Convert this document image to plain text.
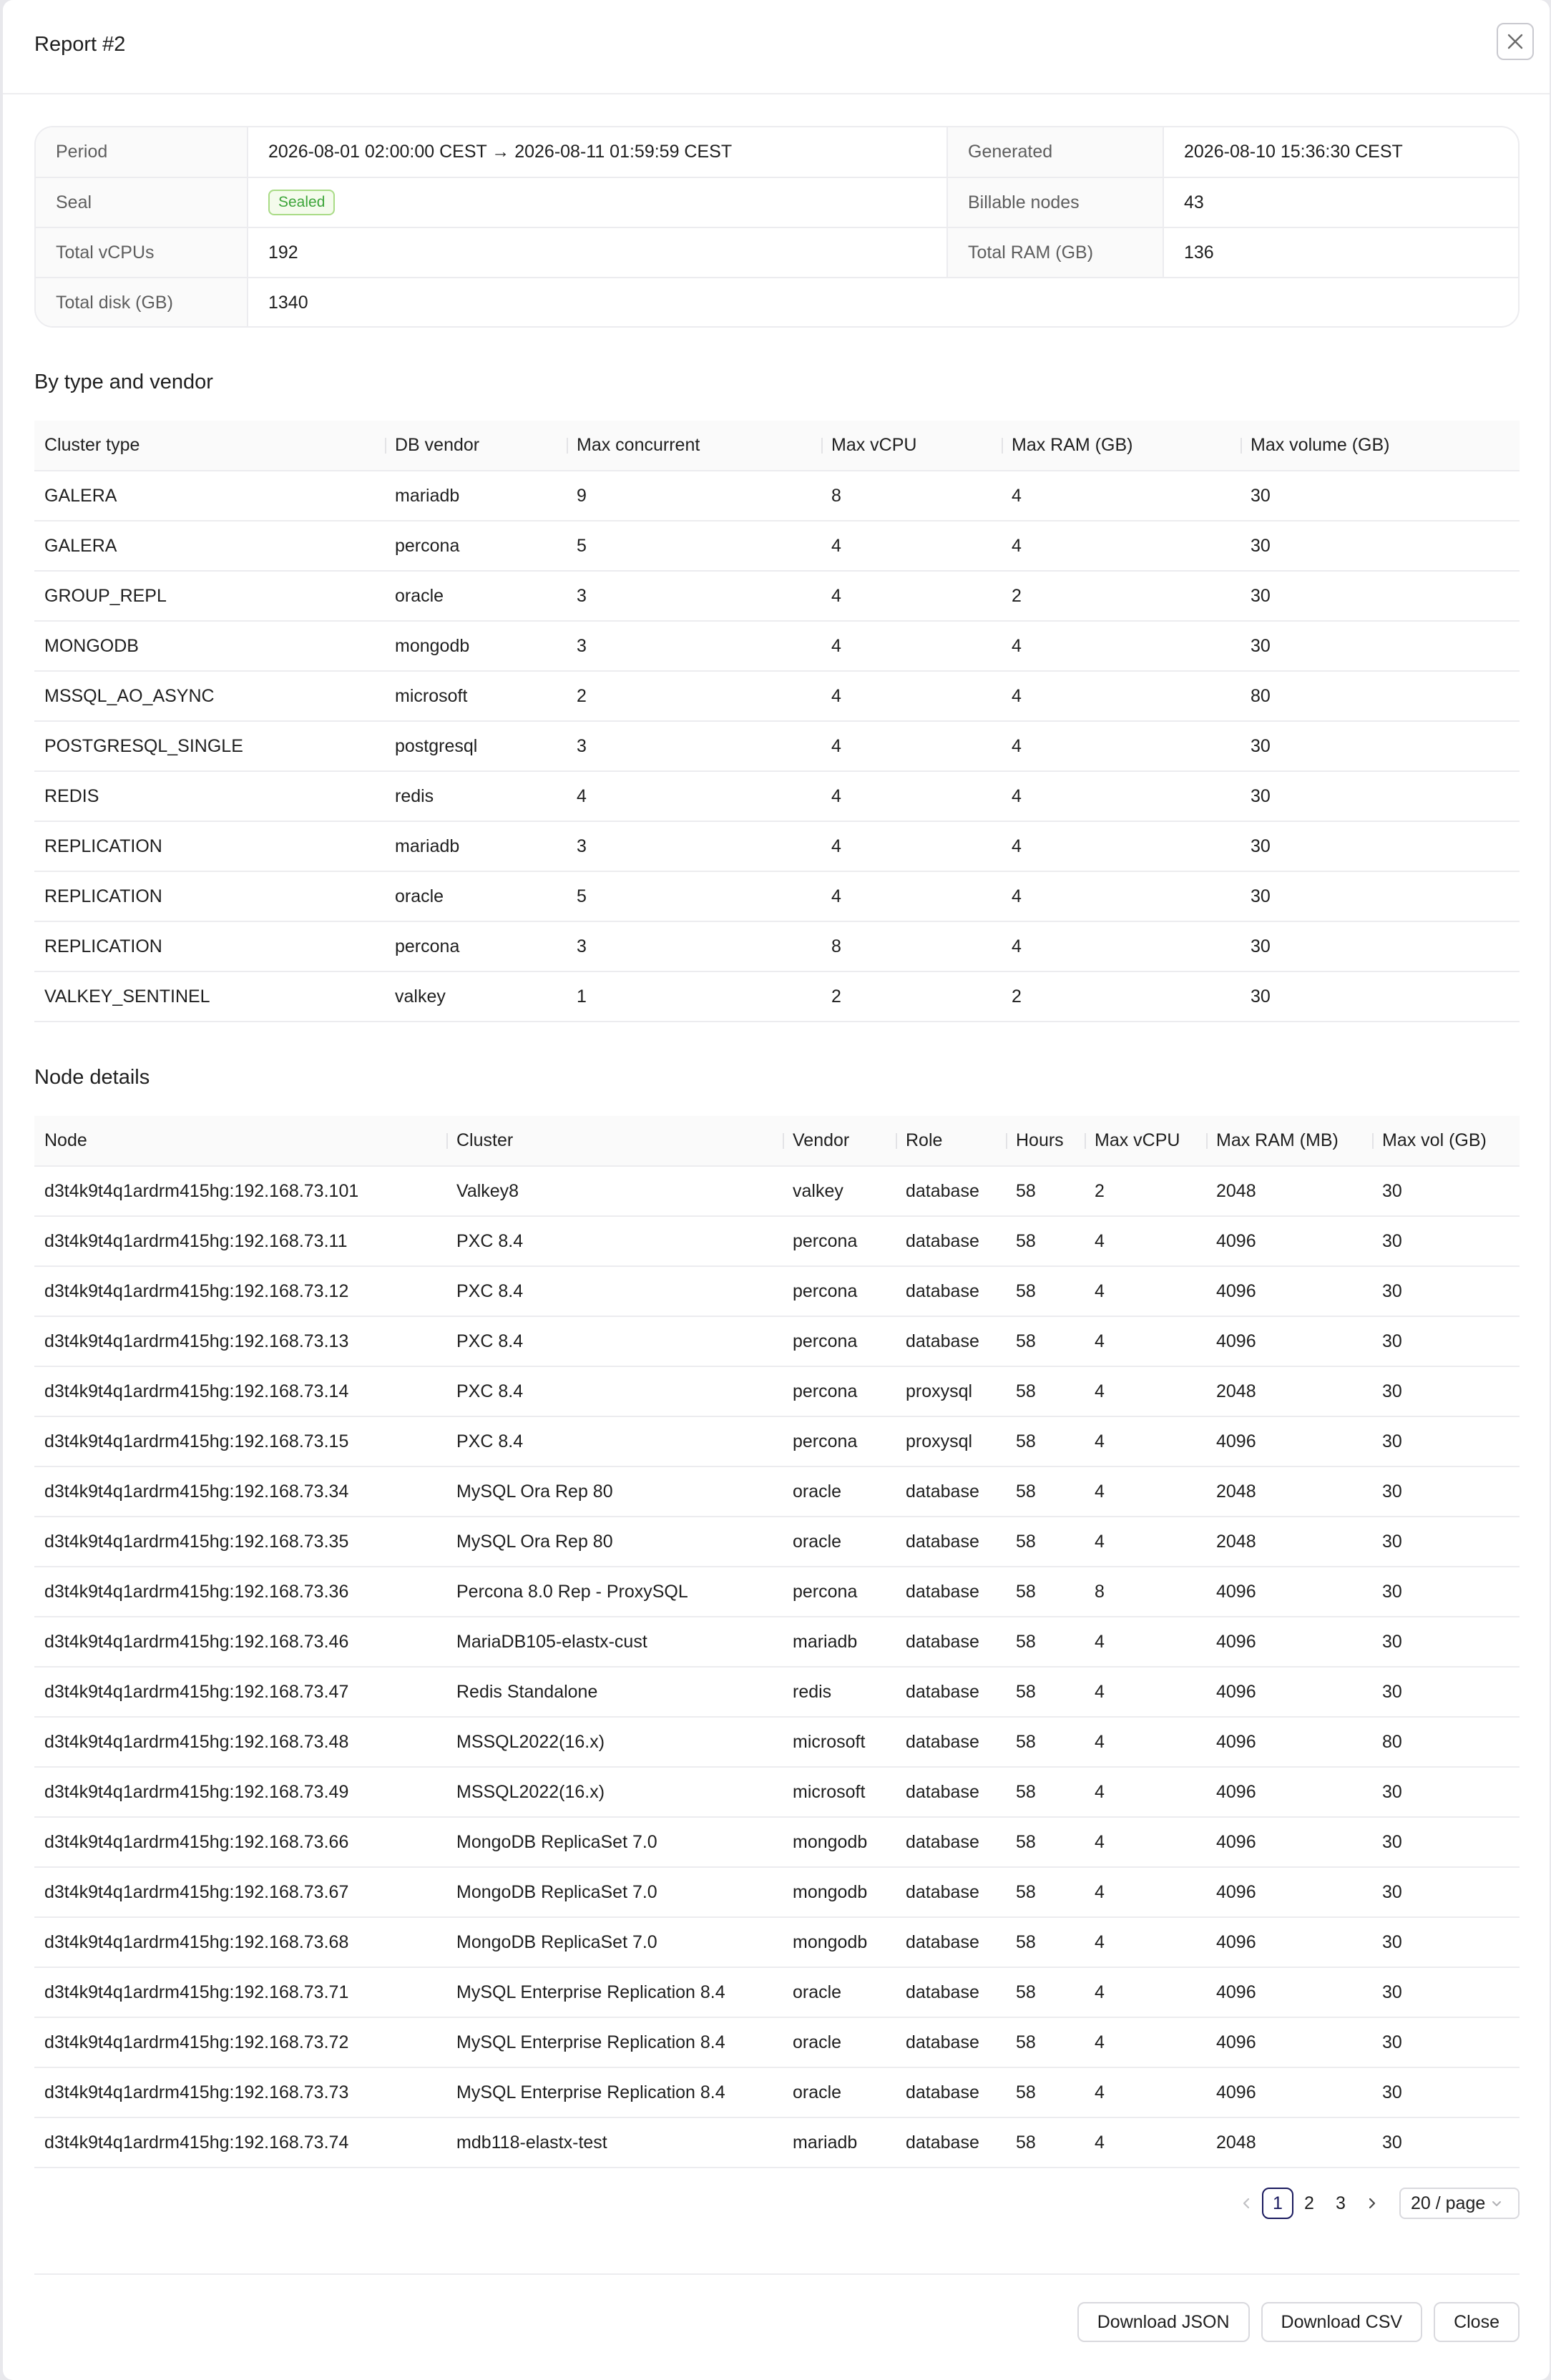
Report #2
Period	2026-08-01 02:00:00 CEST → 2026-08-11 01:59:59 CEST	Generated	2026-08-10 15:36:30 CEST
Seal	Sealed	Billable nodes	43
Total vCPUs	192	Total RAM (GB)	136
Total disk (GB)	1340		
By type and vendor
Cluster type	DB vendor	Max concurrent	Max vCPU	Max RAM (GB)	Max volume (GB)
GALERA	mariadb	9	8	4	30
GALERA	percona	5	4	4	30
GROUP_REPL	oracle	3	4	2	30
MONGODB	mongodb	3	4	4	30
MSSQL_AO_ASYNC	microsoft	2	4	4	80
POSTGRESQL_SINGLE	postgresql	3	4	4	30
REDIS	redis	4	4	4	30
REPLICATION	mariadb	3	4	4	30
REPLICATION	oracle	5	4	4	30
REPLICATION	percona	3	8	4	30
VALKEY_SENTINEL	valkey	1	2	2	30
Node details
Node	Cluster	Vendor	Role	Hours	Max vCPU	Max RAM (MB)	Max vol (GB)
d3t4k9t4q1ardrm415hg:192.168.73.101	Valkey8	valkey	database	58	2	2048	30
d3t4k9t4q1ardrm415hg:192.168.73.11	PXC 8.4	percona	database	58	4	4096	30
d3t4k9t4q1ardrm415hg:192.168.73.12	PXC 8.4	percona	database	58	4	4096	30
d3t4k9t4q1ardrm415hg:192.168.73.13	PXC 8.4	percona	database	58	4	4096	30
d3t4k9t4q1ardrm415hg:192.168.73.14	PXC 8.4	percona	proxysql	58	4	2048	30
d3t4k9t4q1ardrm415hg:192.168.73.15	PXC 8.4	percona	proxysql	58	4	4096	30
d3t4k9t4q1ardrm415hg:192.168.73.34	MySQL Ora Rep 80	oracle	database	58	4	2048	30
d3t4k9t4q1ardrm415hg:192.168.73.35	MySQL Ora Rep 80	oracle	database	58	4	2048	30
d3t4k9t4q1ardrm415hg:192.168.73.36	Percona 8.0 Rep - ProxySQL	percona	database	58	8	4096	30
d3t4k9t4q1ardrm415hg:192.168.73.46	MariaDB105-elastx-cust	mariadb	database	58	4	4096	30
d3t4k9t4q1ardrm415hg:192.168.73.47	Redis Standalone	redis	database	58	4	4096	30
d3t4k9t4q1ardrm415hg:192.168.73.48	MSSQL2022(16.x)	microsoft	database	58	4	4096	80
d3t4k9t4q1ardrm415hg:192.168.73.49	MSSQL2022(16.x)	microsoft	database	58	4	4096	30
d3t4k9t4q1ardrm415hg:192.168.73.66	MongoDB ReplicaSet 7.0	mongodb	database	58	4	4096	30
d3t4k9t4q1ardrm415hg:192.168.73.67	MongoDB ReplicaSet 7.0	mongodb	database	58	4	4096	30
d3t4k9t4q1ardrm415hg:192.168.73.68	MongoDB ReplicaSet 7.0	mongodb	database	58	4	4096	30
d3t4k9t4q1ardrm415hg:192.168.73.71	MySQL Enterprise Replication 8.4	oracle	database	58	4	4096	30
d3t4k9t4q1ardrm415hg:192.168.73.72	MySQL Enterprise Replication 8.4	oracle	database	58	4	4096	30
d3t4k9t4q1ardrm415hg:192.168.73.73	MySQL Enterprise Replication 8.4	oracle	database	58	4	4096	30
d3t4k9t4q1ardrm415hg:192.168.73.74	mdb118-elastx-test	mariadb	database	58	4	2048	30
1	2	3	20 / page
Download JSON	Download CSV	Close
